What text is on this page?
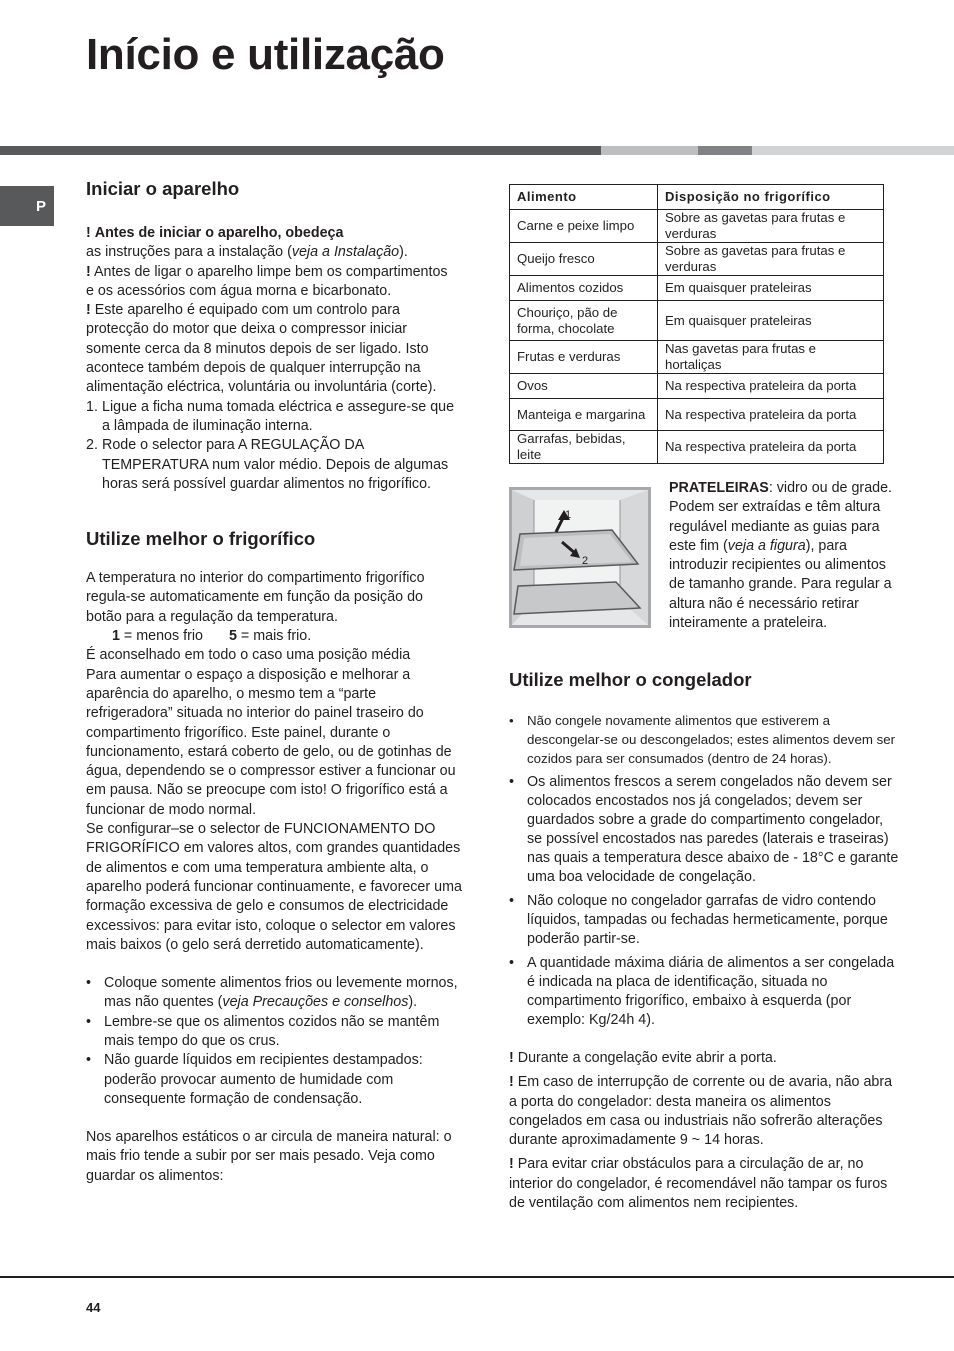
Início e utilização
P
Iniciar o aparelho

! Antes de iniciar o aparelho, obedeça
as instruções para a instalação (veja a Instalação).

! Antes de ligar o aparelho limpe bem os compartimentos

e os acessórios com água morna e bicarbonato.

! Este aparelho é equipado com um controlo para protecção do motor que deixa o compressor iniciar somente cerca da 8 minutos depois de ser ligado. Isto acontece também depois de qualquer interrupção na alimentação eléctrica, voluntária ou involuntária (corte).

1. Ligue a ficha numa tomada eléctrica e assegure-se que a lâmpada de iluminação interna.
2. Rode o selector para A REGULAÇÃO DA TEMPERATURA num valor médio. Depois de algumas horas será possível guardar alimentos no frigorífico.
Utilize melhor o frigorífico

A temperatura no interior do compartimento frigorífico regula-se automaticamente em função da posição do botão para a regulação da temperatura.

1 = menos frio 5 = mais frio.

É aconselhado em todo o caso uma posição média

Para aumentar o espaço a disposição e melhorar a aparência do aparelho, o mesmo tem a “parte refrigeradora” situada no interior do painel traseiro do compartimento frigorífico. Este painel, durante o funcionamento, estará coberto de gelo, ou de gotinhas de água, dependendo se o compressor estiver a funcionar ou em pausa. Não se preocupe com isto! O frigorífico está a funcionar de modo normal.

Se configurar–se o selector de FUNCIONAMENTO DO FRIGORÍFICO em valores altos, com grandes quantidades de alimentos e com uma temperatura ambiente alta, o aparelho poderá funcionar continuamente, e favorecer uma formação excessiva de gelo e consumos de electricidade excessivos: para evitar isto, coloque o selector em valores mais baixos (o gelo será derretido automaticamente).

• Coloque somente alimentos frios ou levemente mornos, mas não quentes (veja Precauções e conselhos).
• Lembre-se que os alimentos cozidos não se mantêm mais tempo do que os crus.
• Não guarde líquidos em recipientes destampados: poderão provocar aumento de humidade com consequente formação de condensação.

Nos aparelhos estáticos o ar circula de maneira natural: o mais frio tende a subir por ser mais pesado. Veja como guardar os alimentos:

Alimento	Disposição no frigorífico
Carne e peixe limpo	Sobre as gavetas para frutas e verduras
Queijo fresco	Sobre as gavetas para frutas e verduras
Alimentos cozidos	Em quaisquer prateleiras
Chouriço, pão de forma, chocolate	Em quaisquer prateleiras
Frutas e verduras	Nas gavetas para frutas e hortaliças
Ovos	Na respectiva prateleira da porta
Manteiga e margarina	Na respectiva prateleira da porta
Garrafas, bebidas, leite	Na respectiva prateleira da porta
1
2

PRATELEIRAS: vidro ou de grade. Podem ser extraídas e têm altura regulável mediante as guias para este fim (veja a figura), para introduzir recipientes ou alimentos de tamanho grande. Para regular a altura não é necessário retirar inteiramente a prateleira.

Utilize melhor o congelador
•	Não congele novamente alimentos que estiverem a descongelar-se ou descongelados; estes alimentos devem ser cozidos para ser consumados (dentro de 24 horas).
• Os alimentos frescos a serem congelados não devem ser colocados encostados nos já congelados; devem ser guardados sobre a grade do compartimento congelador, se possível encostados nas paredes (laterais e traseiras) nas quais a temperatura desce abaixo de - 18°C e garante uma boa velocidade de congelação.
• Não coloque no congelador garrafas de vidro contendo líquidos, tampadas ou fechadas hermeticamente, porque poderão partir-se.
• A quantidade máxima diária de alimentos a ser congelada é indicada na placa de identificação, situada no compartimento frigorífico, embaixo à esquerda (por exemplo: Kg/24h 4).

! Durante a congelação evite abrir a porta.

! Em caso de interrupção de corrente ou de avaria, não abra a porta do congelador: desta maneira os alimentos congelados em casa ou industriais não sofrerão alterações durante aproximadamente 9 ~ 14 horas.

! Para evitar criar obstáculos para a circulação de ar, no interior do congelador, é recomendável não tampar os furos de ventilação com alimentos nem recipientes.

44
